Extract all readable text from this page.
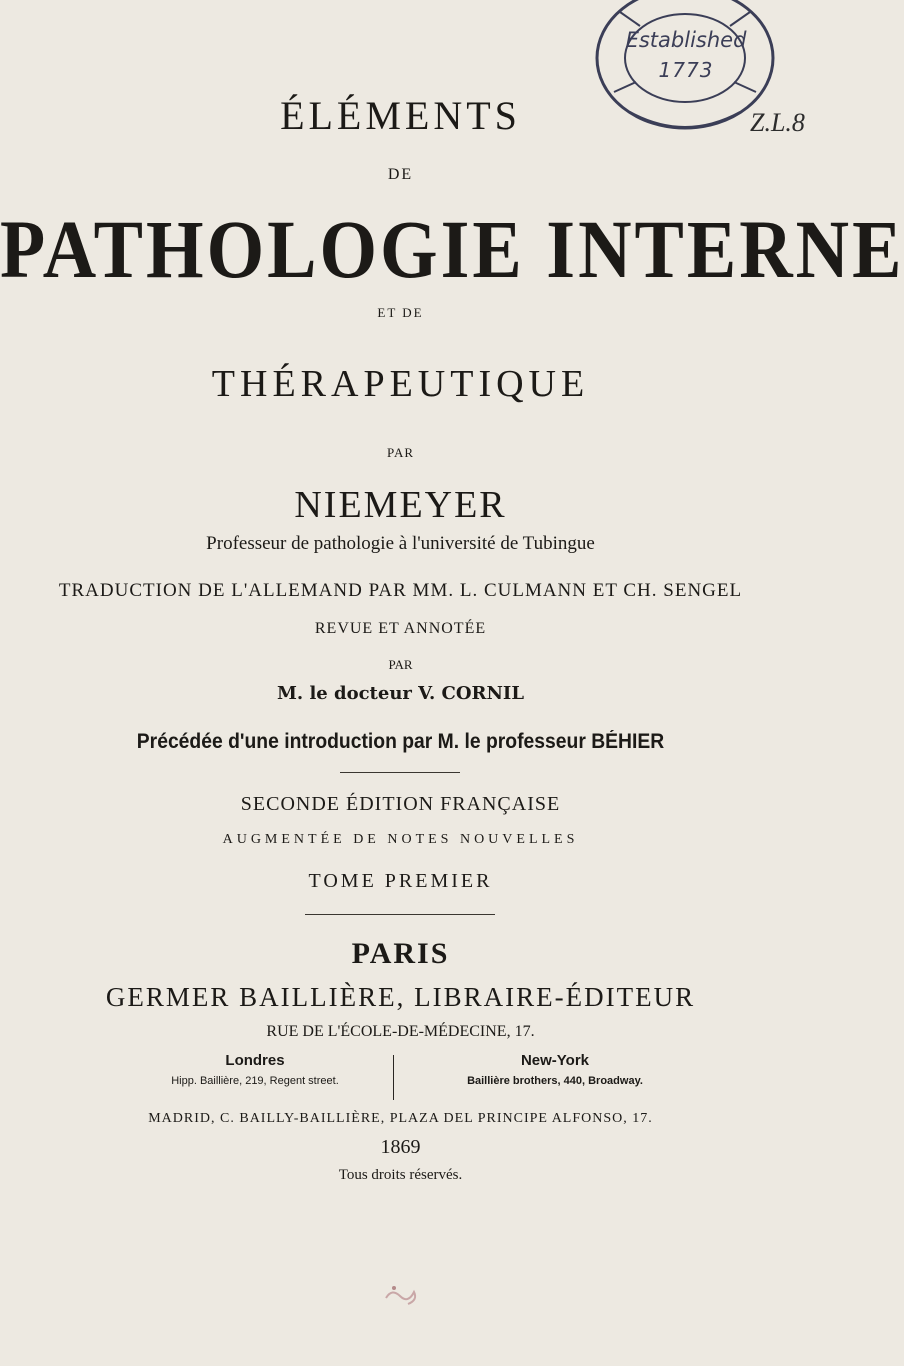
Established
1773
Z.L.8
ÉLÉMENTS
DE
PATHOLOGIE INTERNE
ET DE
THÉRAPEUTIQUE
PAR
NIEMEYER
Professeur de pathologie à l'université de Tubingue
TRADUCTION DE L'ALLEMAND PAR MM. L. CULMANN ET CH. SENGEL
REVUE ET ANNOTÉE
PAR
M. le docteur V. CORNIL
Précédée d'une introduction par M. le professeur BÉHIER
SECONDE ÉDITION FRANÇAISE
AUGMENTÉE DE NOTES NOUVELLES
TOME PREMIER
PARIS
GERMER BAILLIÈRE, LIBRAIRE-ÉDITEUR
RUE DE L'ÉCOLE-DE-MÉDECINE, 17.
Londres
Hipp. Baillière, 219, Regent street.
New-York
Baillière brothers, 440, Broadway.
MADRID, C. BAILLY-BAILLIÈRE, PLAZA DEL PRINCIPE ALFONSO, 17.
1869
Tous droits réservés.
